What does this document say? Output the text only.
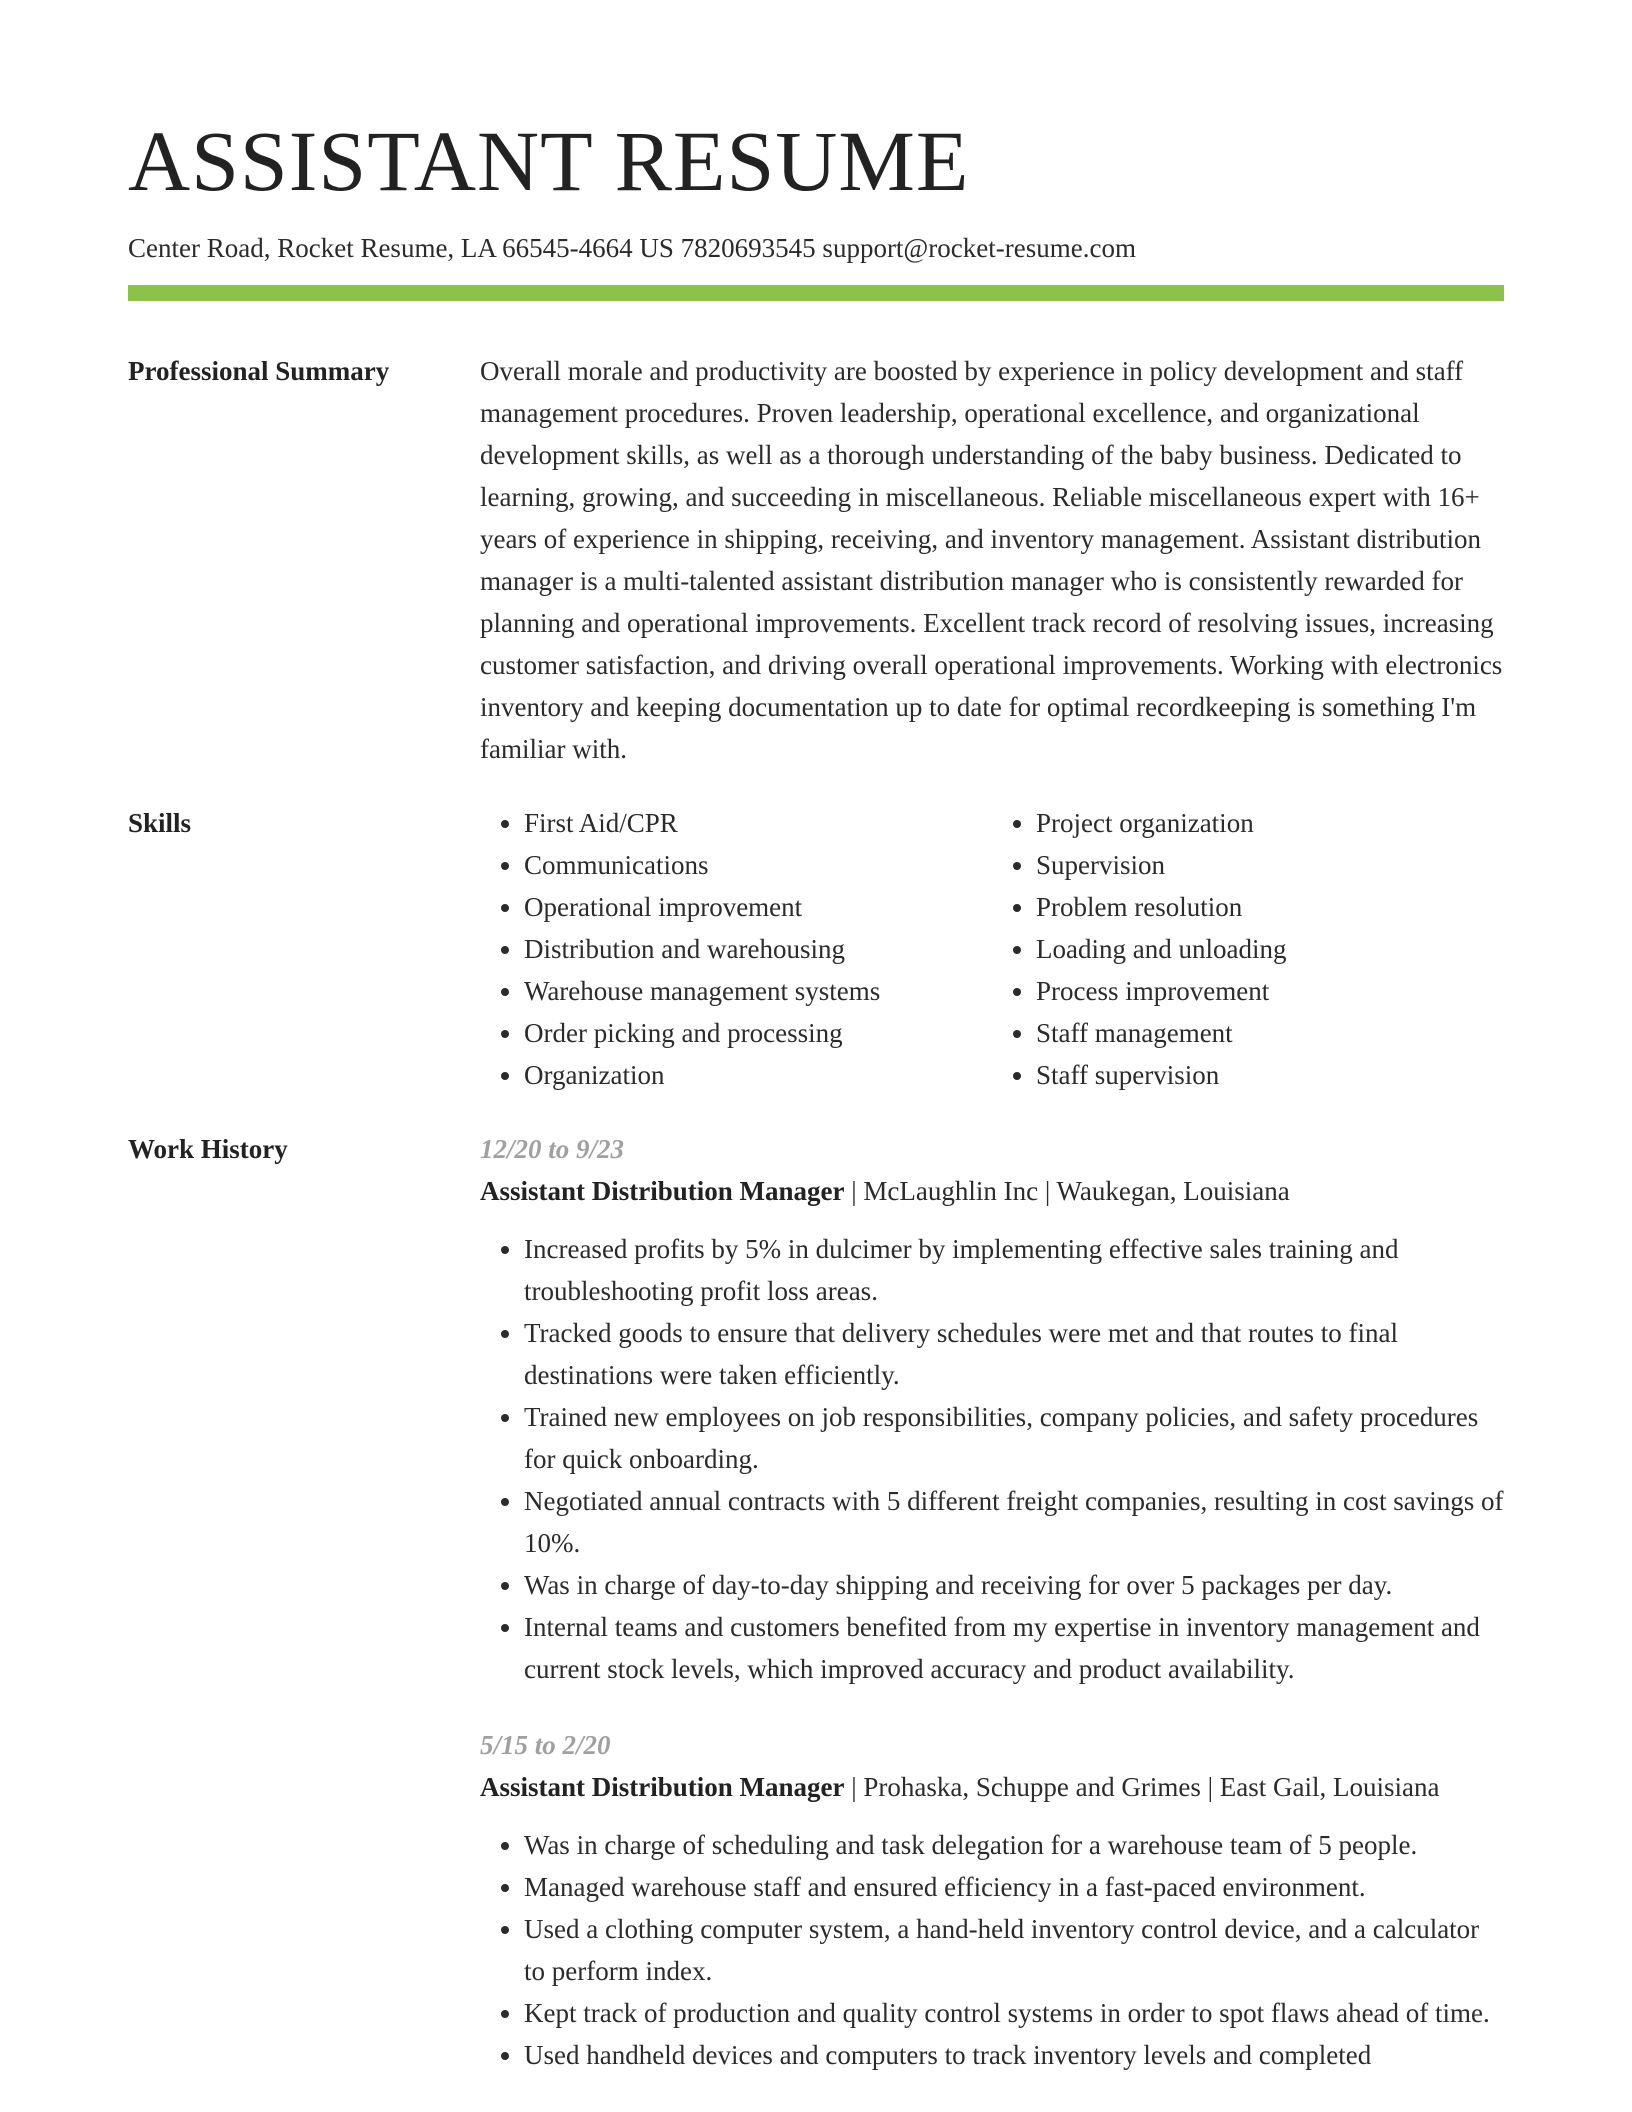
ASSISTANT RESUME
Center Road, Rocket Resume, LA 66545-4664 US 7820693545 support@rocket-resume.com
Professional Summary	Overall morale and productivity are boosted by experience in policy development and staff management procedures. Proven leadership, operational excellence, and organizational development skills, as well as a thorough understanding of the baby business. Dedicated to learning, growing, and succeeding in miscellaneous. Reliable miscellaneous expert with 16+ years of experience in shipping, receiving, and inventory management. Assistant distribution manager is a multi-talented assistant distribution manager who is consistently rewarded for planning and operational improvements. Excellent track record of resolving issues, increasing customer satisfaction, and driving overall operational improvements. Working with electronics inventory and keeping documentation up to date for optimal recordkeeping is something I'm familiar with.

Skills
•	First Aid/CPR
• Communications
• Operational improvement
• Distribution and warehousing
• Warehouse management systems
• Order picking and processing
• Organization
• Project organization
• Supervision
• Problem resolution
• Loading and unloading
• Process improvement
• Staff management
• Staff supervision
Work History	12/20 to 9/23
Assistant Distribution Manager | McLaughlin Inc | Waukegan, Louisiana
• Increased profits by 5% in dulcimer by implementing effective sales training and troubleshooting profit loss areas.
• Tracked goods to ensure that delivery schedules were met and that routes to final destinations were taken efficiently.
• Trained new employees on job responsibilities, company policies, and safety procedures for quick onboarding.
• Negotiated annual contracts with 5 different freight companies, resulting in cost savings of 10%.
• Was in charge of day-to-day shipping and receiving for over 5 packages per day.
• Internal teams and customers benefited from my expertise in inventory management and current stock levels, which improved accuracy and product availability.
5/15 to 2/20
Assistant Distribution Manager | Prohaska, Schuppe and Grimes | East Gail, Louisiana
• Was in charge of scheduling and task delegation for a warehouse team of 5 people.
• Managed warehouse staff and ensured efficiency in a fast-paced environment.
• Used a clothing computer system, a hand-held inventory control device, and a calculator to perform index.
• Kept track of production and quality control systems in order to spot flaws ahead of time.
• Used handheld devices and computers to track inventory levels and completed
